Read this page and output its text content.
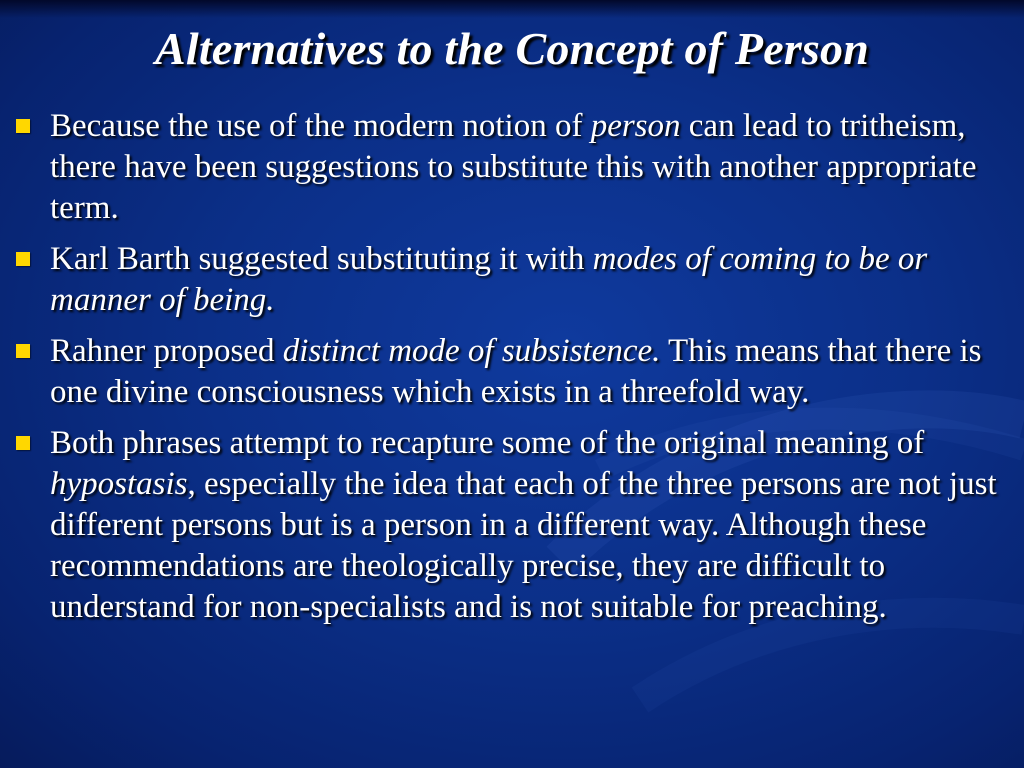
Alternatives to the Concept of Person
Because the use of the modern notion of person can lead to tritheism, there have been suggestions to substitute this with another appropriate term.
Karl Barth suggested substituting it with modes of coming to be or manner of being.
Rahner proposed distinct mode of subsistence. This means that there is one divine consciousness which exists in a threefold way.
Both phrases attempt to recapture some of the original meaning of hypostasis, especially the idea that each of the three persons are not just different persons but is a person in a different way. Although these recommendations are theologically precise, they are difficult to understand for non-specialists and is not suitable for preaching.
